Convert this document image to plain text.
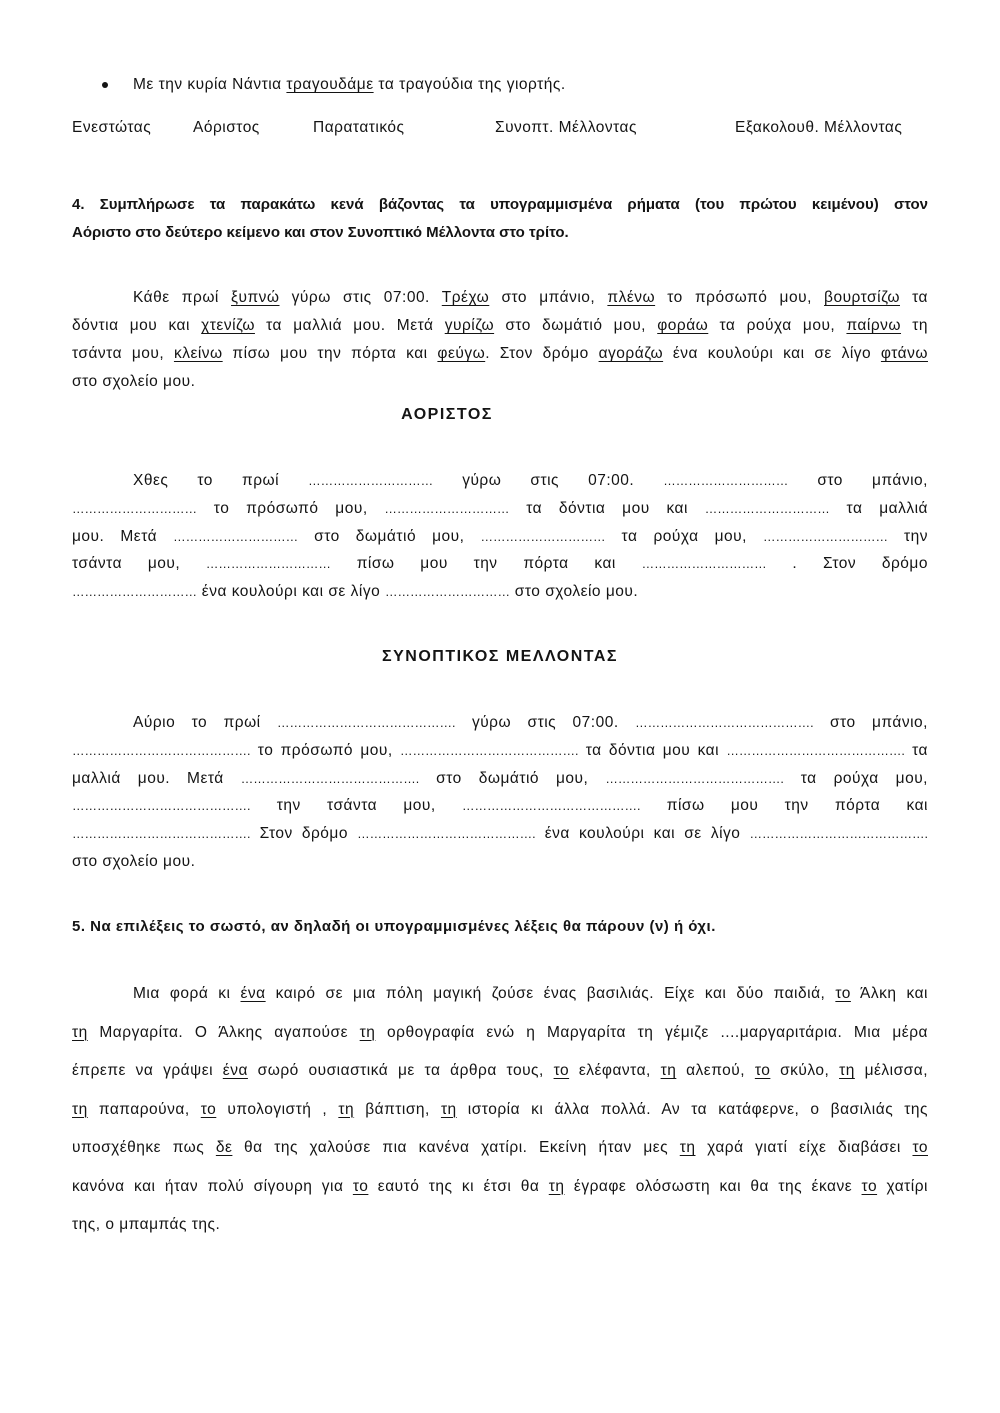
Με την κυρία Νάντια τραγουδάμε τα τραγούδια της γιορτής.
Ενεστώτας	Αόριστος	Παρατατικός	Συνοπτ. Μέλλοντας	Εξακολουθ. Μέλλοντας
4. Συμπλήρωσε τα παρακάτω κενά βάζοντας τα υπογραμμισμένα ρήματα (του πρώτου κειμένου) στον
Αόριστο στο δεύτερο κείμενο και στον Συνοπτικό Μέλλοντα στο τρίτο.
Κάθε πρωί ξυπνώ γύρω στις 07:00. Τρέχω στο μπάνιο, πλένω το πρόσωπό μου, βουρτσίζω τα
δόντια μου και χτενίζω τα μαλλιά μου. Μετά γυρίζω στο δωμάτιό μου, φοράω τα ρούχα μου, παίρνω τη
τσάντα μου, κλείνω πίσω μου την πόρτα και φεύγω. Στον δρόμο αγοράζω ένα κουλούρι και σε λίγο φτάνω
στο σχολείο μου.
ΑΟΡΙΣΤΟΣ
Χθες το πρωί ………………………… γύρω στις 07:00. ………………………… στο μπάνιο,
………………………… το πρόσωπό μου, ………………………… τα δόντια μου και ………………………… τα μαλλιά
μου. Μετά ………………………… στο δωμάτιό μου, ………………………… τα ρούχα μου, ………………………… την
τσάντα μου, ………………………… πίσω μου την πόρτα και ………………………… . Στον δρόμο
………………………… ένα κουλούρι και σε λίγο ………………………… στο σχολείο μου.
ΣΥΝΟΠΤΙΚΟΣ ΜΕΛΛΟΝΤΑΣ
Αύριο το πρωί ……………………………………. γύρω στις 07:00. ……………………………………. στο μπάνιο,
……………………………………. το πρόσωπό μου, ……………………………………. τα δόντια μου και ……………………………………. τα
μαλλιά μου. Μετά ……………………………………. στο δωμάτιό μου, ……………………………………. τα ρούχα μου,
……………………………………. την τσάντα μου, ……………………………………. πίσω μου την πόρτα και
……………………………………. Στον δρόμο ……………………………………. ένα κουλούρι και σε λίγο …………………………………….
στο σχολείο μου.
5. Να επιλέξεις το σωστό, αν δηλαδή οι υπογραμμισμένες λέξεις θα πάρουν (ν) ή όχι.
Μια φορά κι ένα καιρό σε μια πόλη μαγική ζούσε ένας βασιλιάς. Είχε και δύο παιδιά, το Άλκη και
τη Μαργαρίτα. Ο Άλκης αγαπούσε τη ορθογραφία ενώ η Μαργαρίτα τη γέμιζε ....μαργαριτάρια. Μια μέρα
έπρεπε να γράψει ένα σωρό ουσιαστικά με τα άρθρα τους, το ελέφαντα, τη αλεπού, το σκύλο, τη μέλισσα,
τη παπαρούνα, το υπολογιστή , τη βάπτιση, τη ιστορία κι άλλα πολλά. Αν τα κατάφερνε, ο βασιλιάς της
υποσχέθηκε πως δε θα της χαλούσε πια κανένα χατίρι. Εκείνη ήταν μες τη χαρά γιατί είχε διαβάσει το
κανόνα και ήταν πολύ σίγουρη για το εαυτό της κι έτσι θα τη έγραφε ολόσωστη και θα της έκανε το χατίρι
της, ο μπαμπάς της.
